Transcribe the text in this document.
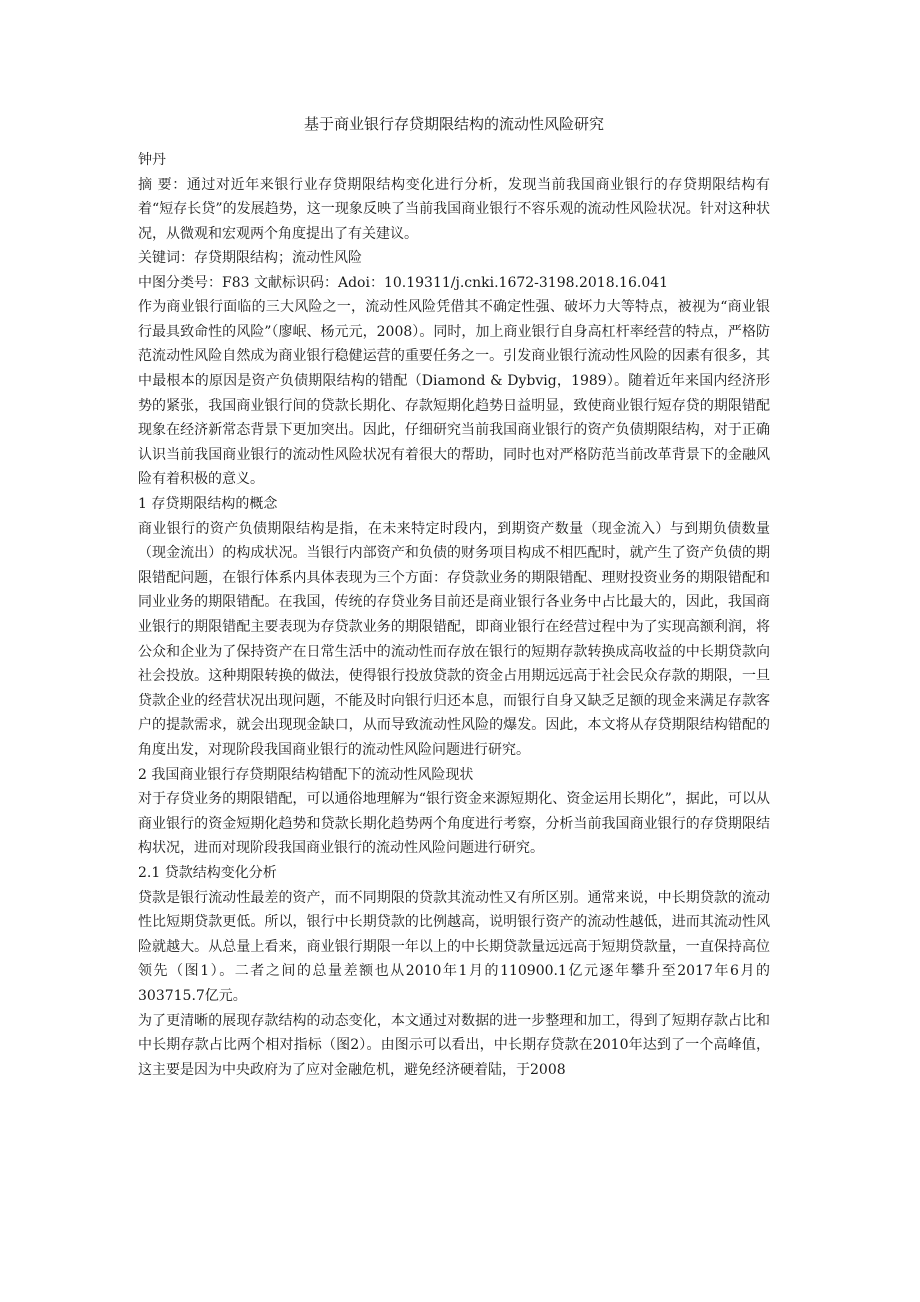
基于商业银行存贷期限结构的流动性风险研究

钟丹

摘 要：通过对近年来银行业存贷期限结构变化进行分析，发现当前我国商业银行的存贷期限结构有着“短存长贷”的发展趋势，这一现象反映了当前我国商业银行不容乐观的流动性风险状况。针对这种状况，从微观和宏观两个角度提出了有关建议。

关键词：存贷期限结构；流动性风险

中图分类号：F83 文献标识码：Adoi：10.19311/j.cnki.1672-3198.2018.16.041

作为商业银行面临的三大风险之一，流动性风险凭借其不确定性强、破坏力大等特点，被视为“商业银行最具致命性的风险”（廖岷、杨元元，2008）。同时，加上商业银行自身高杠杆率经营的特点，严格防范流动性风险自然成为商业银行稳健运营的重要任务之一。引发商业银行流动性风险的因素有很多，其中最根本的原因是资产负债期限结构的错配（Diamond & Dybvig，1989）。随着近年来国内经济形势的紧张，我国商业银行间的贷款长期化、存款短期化趋势日益明显，致使商业银行短存贷的期限错配现象在经济新常态背景下更加突出。因此，仔细研究当前我国商业银行的资产负债期限结构，对于正确认识当前我国商业银行的流动性风险状况有着很大的帮助，同时也对严格防范当前改革背景下的金融风险有着积极的意义。

1 存贷期限结构的概念

商业银行的资产负债期限结构是指，在未来特定时段内，到期资产数量（现金流入）与到期负债数量（现金流出）的构成状况。当银行内部资产和负债的财务项目构成不相匹配时，就产生了资产负债的期限错配问题，在银行体系内具体表现为三个方面：存贷款业务的期限错配、理财投资业务的期限错配和同业业务的期限错配。在我国，传统的存贷业务目前还是商业银行各业务中占比最大的，因此，我国商业银行的期限错配主要表现为存贷款业务的期限错配，即商业银行在经营过程中为了实现高额利润，将公众和企业为了保持资产在日常生活中的流动性而存放在银行的短期存款转换成高收益的中长期贷款向社会投放。这种期限转换的做法，使得银行投放贷款的资金占用期远远高于社会民众存款的期限，一旦贷款企业的经营状况出现问题，不能及时向银行归还本息，而银行自身又缺乏足额的现金来满足存款客户的提款需求，就会出现现金缺口，从而导致流动性风险的爆发。因此，本文将从存贷期限结构错配的角度出发，对现阶段我国商业银行的流动性风险问题进行研究。

2 我国商业银行存贷期限结构错配下的流动性风险现状

对于存贷业务的期限错配，可以通俗地理解为“银行资金来源短期化、资金运用长期化”，据此，可以从商业银行的资金短期化趋势和贷款长期化趋势两个角度进行考察，分析当前我国商业银行的存贷期限结构状况，进而对现阶段我国商业银行的流动性风险问题进行研究。

2.1 贷款结构变化分析

贷款是银行流动性最差的资产，而不同期限的贷款其流动性又有所区别。通常来说，中长期贷款的流动性比短期贷款更低。所以，银行中长期贷款的比例越高，说明银行资产的流动性越低，进而其流动性风险就越大。从总量上看来，商业银行期限一年以上的中长期贷款量远远高于短期贷款量，一直保持高位领先（图1）。二者之间的总量差额也从2010年1月的110900.1亿元逐年攀升至2017年6月的303715.7亿元。

为了更清晰的展现存款结构的动态变化，本文通过对数据的进一步整理和加工，得到了短期存款占比和中长期存款占比两个相对指标（图2）。由图示可以看出，中长期存贷款在2010年达到了一个高峰值，这主要是因为中央政府为了应对金融危机，避免经济硬着陆，于2008
